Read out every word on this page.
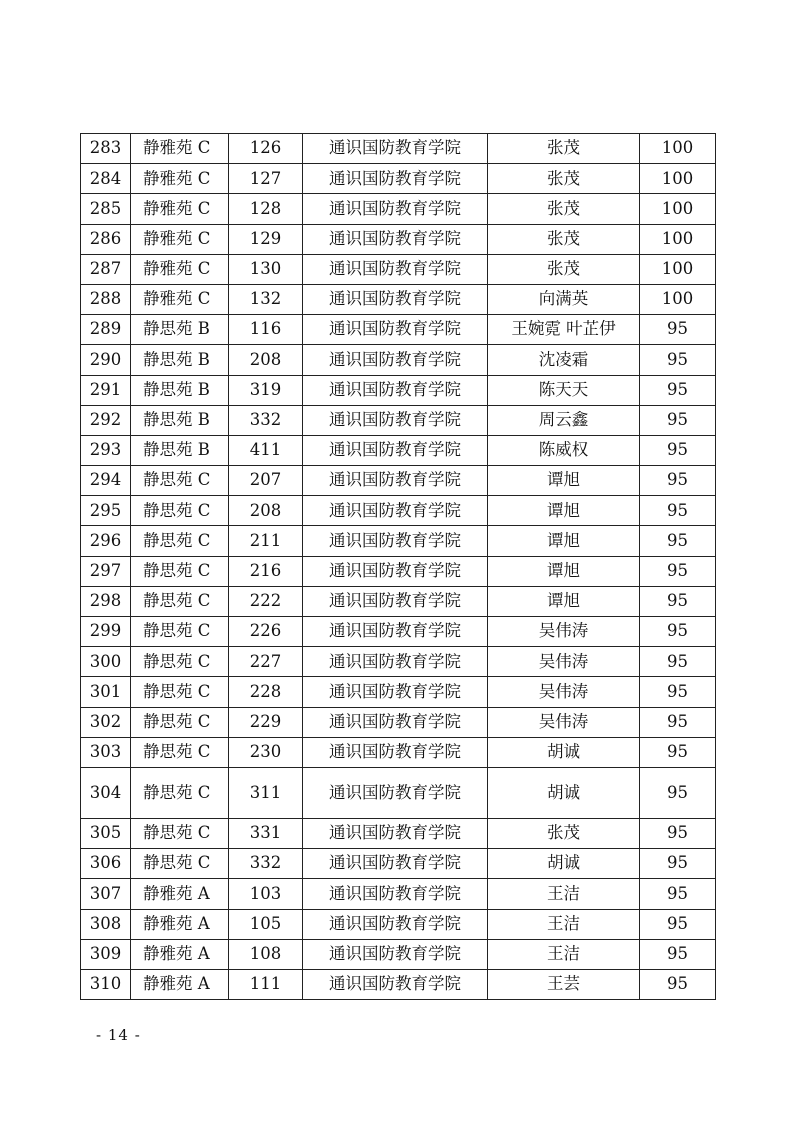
283	静雅苑 C	126	通识国防教育学院	张茂	100
284	静雅苑 C	127	通识国防教育学院	张茂	100
285	静雅苑 C	128	通识国防教育学院	张茂	100
286	静雅苑 C	129	通识国防教育学院	张茂	100
287	静雅苑 C	130	通识国防教育学院	张茂	100
288	静雅苑 C	132	通识国防教育学院	向满英	100
289	静思苑 B	116	通识国防教育学院	王婉霓 叶芷伊	95
290	静思苑 B	208	通识国防教育学院	沈凌霜	95
291	静思苑 B	319	通识国防教育学院	陈天天	95
292	静思苑 B	332	通识国防教育学院	周云鑫	95
293	静思苑 B	411	通识国防教育学院	陈威权	95
294	静思苑 C	207	通识国防教育学院	谭旭	95
295	静思苑 C	208	通识国防教育学院	谭旭	95
296	静思苑 C	211	通识国防教育学院	谭旭	95
297	静思苑 C	216	通识国防教育学院	谭旭	95
298	静思苑 C	222	通识国防教育学院	谭旭	95
299	静思苑 C	226	通识国防教育学院	吴伟涛	95
300	静思苑 C	227	通识国防教育学院	吴伟涛	95
301	静思苑 C	228	通识国防教育学院	吴伟涛	95
302	静思苑 C	229	通识国防教育学院	吴伟涛	95
303	静思苑 C	230	通识国防教育学院	胡诚	95
304	静思苑 C	311	通识国防教育学院	胡诚	95
305	静思苑 C	331	通识国防教育学院	张茂	95
306	静思苑 C	332	通识国防教育学院	胡诚	95
307	静雅苑 A	103	通识国防教育学院	王洁	95
308	静雅苑 A	105	通识国防教育学院	王洁	95
309	静雅苑 A	108	通识国防教育学院	王洁	95
310	静雅苑 A	111	通识国防教育学院	王芸	95
- 14 -
